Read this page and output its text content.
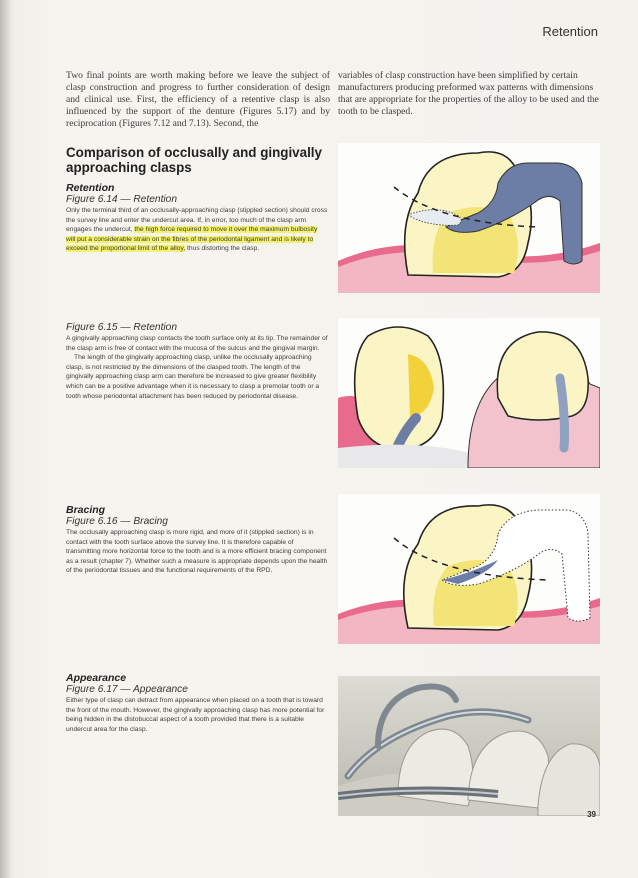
Retention
Two final points are worth making before we leave the subject of clasp construction and progress to further consideration of design and clinical use. First, the efficiency of a retentive clasp is also influenced by the support of the denture (Figures 5.17) and by reciprocation (Figures 7.12 and 7.13). Second, the
variables of clasp construction have been simplified by certain manufacturers producing preformed wax patterns with dimensions that are appropriate for the properties of the alloy to be used and the tooth to be clasped.
Comparison of occlusally and gingivally approaching clasps
Retention
Figure 6.14 — Retention
Only the terminal third of an occlusally-approaching clasp (stippled section) should cross the survey line and enter the undercut area. If, in error, too much of the clasp arm engages the undercut, the high force required to move it over the maximum bulbosity will put a considerable strain on the fibres of the periodontal ligament and is likely to exceed the proportional limit of the alloy, thus distorting the clasp.
Figure 6.15 — Retention
A gingivally approaching clasp contacts the tooth surface only at its tip. The remainder of the clasp arm is free of contact with the mucosa of the sulcus and the gingival margin.
The length of the gingivally approaching clasp, unlike the occlusally approaching clasp, is not restricted by the dimensions of the clasped tooth. The length of the gingivally approaching clasp arm can therefore be increased to give greater flexibility which can be a positive advantage when it is necessary to clasp a premolar tooth or a tooth whose periodontal attachment has been reduced by periodontal disease.
Bracing
Figure 6.16 — Bracing
The occlusally approaching clasp is more rigid, and more of it (stippled section) is in contact with the tooth surface above the survey line. It is therefore capable of transmitting more horizontal force to the tooth and is a more efficient bracing component as a result (chapter 7). Whether such a measure is appropriate depends upon the health of the periodontal tissues and the functional requirements of the RPD.
Appearance
Figure 6.17 — Appearance
Either type of clasp can detract from appearance when placed on a tooth that is toward the front of the mouth. However, the gingivally approaching clasp has more potential for being hidden in the distobuccal aspect of a tooth provided that there is a suitable undercut area for the clasp.
39
